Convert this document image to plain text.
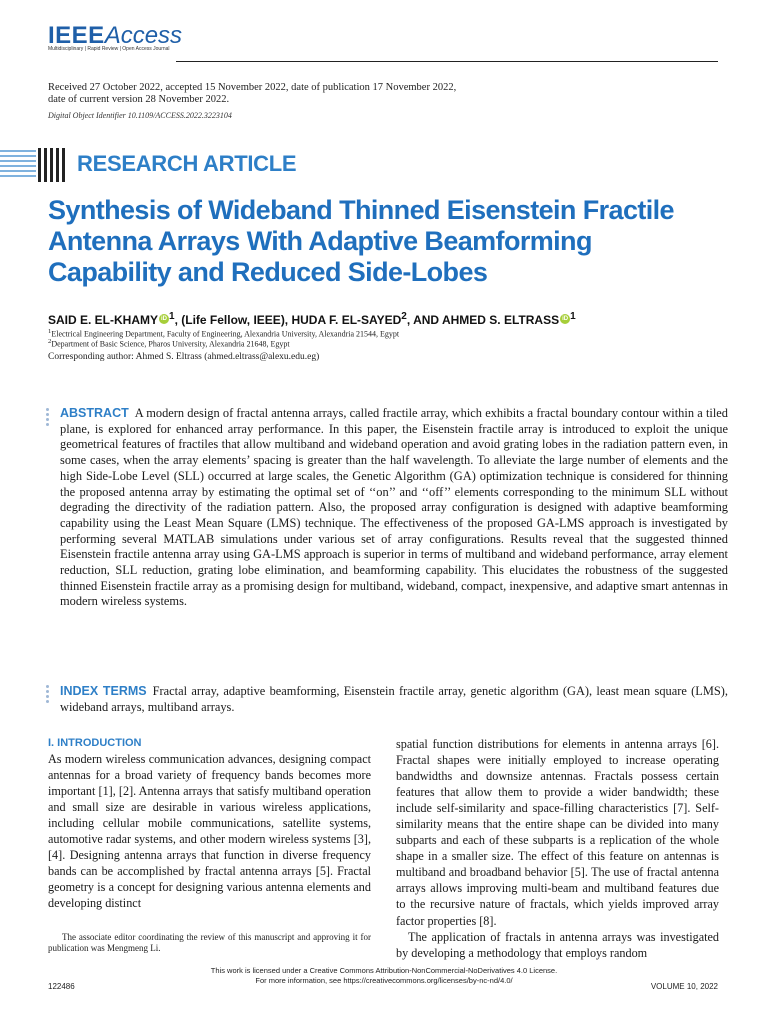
IEEEAccess
Multidisciplinary | Rapid Review | Open Access Journal
Received 27 October 2022, accepted 15 November 2022, date of publication 17 November 2022,
date of current version 28 November 2022.
Digital Object Identifier 10.1109/ACCESS.2022.3223104
RESEARCH ARTICLE
Synthesis of Wideband Thinned Eisenstein Fractile Antenna Arrays With Adaptive Beamforming Capability and Reduced Side-Lobes
SAID E. EL-KHAMY iD $^1$, (Life Fellow, IEEE), HUDA F. EL-SAYED$^2$, AND AHMED S. ELTRASS iD $^1$
$^1$Electrical Engineering Department, Faculty of Engineering, Alexandria University, Alexandria 21544, Egypt
$^2$Department of Basic Science, Pharos University, Alexandria 21648, Egypt
Corresponding author: Ahmed S. Eltrass (ahmed.eltrass@alexu.edu.eg)
ABSTRACT A modern design of fractal antenna arrays, called fractile array, which exhibits a fractal boundary contour within a tiled plane, is explored for enhanced array performance. In this paper, the Eisenstein fractile array is introduced to exploit the unique geometrical features of fractiles that allow multiband and wideband operation and avoid grating lobes in the radiation pattern even, in some cases, when the array elements’ spacing is greater than the half wavelength. To alleviate the large number of elements and the high Side-Lobe Level (SLL) occurred at large scales, the Genetic Algorithm (GA) optimization technique is considered for thinning the proposed antenna array by estimating the optimal set of ‘‘on’’ and ‘‘off’’ elements corresponding to the minimum SLL without degrading the directivity of the radiation pattern. Also, the proposed array configuration is designed with adaptive beamforming capability using the Least Mean Square (LMS) technique. The effectiveness of the proposed GA-LMS approach is investigated by performing several MATLAB simulations under various set of array configurations. Results reveal that the suggested thinned Eisenstein fractile antenna array using GA-LMS approach is superior in terms of multiband and wideband performance, array element reduction, SLL reduction, grating lobe elimination, and beamforming capability. This elucidates the robustness of the suggested thinned Eisenstein fractile array as a promising design for multiband, wideband, compact, inexpensive, and adaptive smart antennas in modern wireless systems.
INDEX TERMS Fractal array, adaptive beamforming, Eisenstein fractile array, genetic algorithm (GA), least mean square (LMS), wideband arrays, multiband arrays.
I. INTRODUCTION
As modern wireless communication advances, designing compact antennas for a broad variety of frequency bands becomes more important [1], [2]. Antenna arrays that satisfy multiband operation and small size are desirable in various wireless applications, including cellular mobile communications, satellite systems, automotive radar systems, and other modern wireless systems [3], [4]. Designing antenna arrays that function in diverse frequency bands can be accomplished by fractal antenna arrays [5]. Fractal geometry is a concept for designing various antenna elements and developing distinct

spatial function distributions for elements in antenna arrays [6]. Fractal shapes were initially employed to increase operating bandwidths and downsize antennas. Fractals possess certain features that allow them to provide a wider bandwidth; these include self-similarity and space-filling characteristics [7]. Self-similarity means that the entire shape can be divided into many subparts and each of these subparts is a replication of the whole shape in a smaller size. The effect of this feature on antennas is multiband and broadband behavior [5]. The use of fractal antenna arrays allows improving multi-beam and multiband features due to the recursive nature of fractals, which yields improved array factor properties [8].

The application of fractals in antenna arrays was investigated by developing a methodology that employs random

The associate editor coordinating the review of this manuscript and approving it for publication was Mengmeng Li.
This work is licensed under a Creative Commons Attribution-NonCommercial-NoDerivatives 4.0 License.
For more information, see https://creativecommons.org/licenses/by-nc-nd/4.0/
122486	VOLUME 10, 2022
